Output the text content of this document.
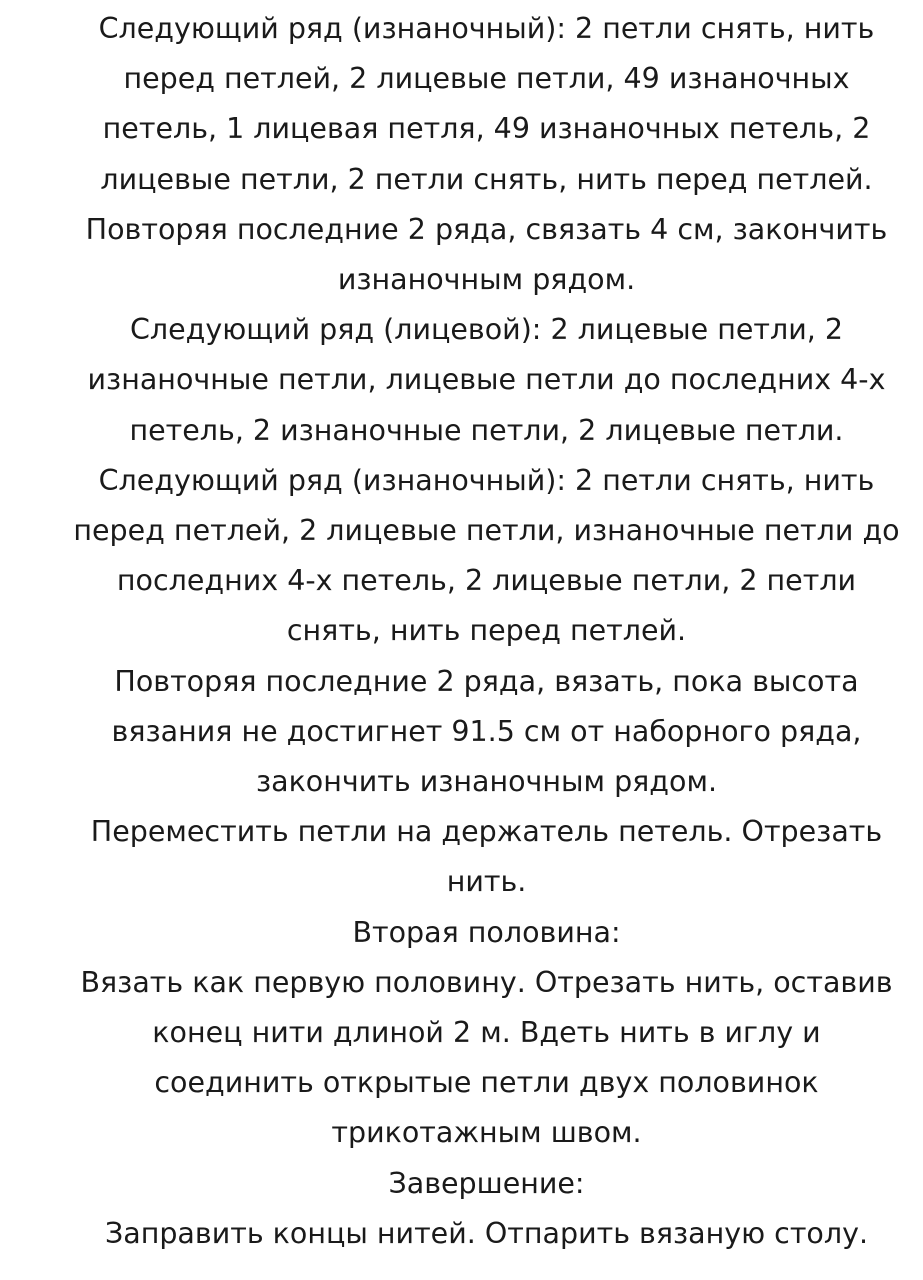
Следующий ряд (изнаночный): 2 петли снять, нить
перед петлей, 2 лицевые петли, 49 изнаночных
петель, 1 лицевая петля, 49 изнаночных петель, 2
лицевые петли, 2 петли снять, нить перед петлей.

Повторяя последние 2 ряда, связать 4 см, закончить
изнаночным рядом.

Следующий ряд (лицевой): 2 лицевые петли, 2
изнаночные петли, лицевые петли до последних 4-х
петель, 2 изнаночные петли, 2 лицевые петли.

Следующий ряд (изнаночный): 2 петли снять, нить
перед петлей, 2 лицевые петли, изнаночные петли до
последних 4-х петель, 2 лицевые петли, 2 петли
снять, нить перед петлей.

Повторяя последние 2 ряда, вязать, пока высота
вязания не достигнет 91.5 см от наборного ряда,
закончить изнаночным рядом.

Переместить петли на держатель петель. Отрезать
нить.

Вторая половина:

Вязать как первую половину. Отрезать нить, оставив
конец нити длиной 2 м. Вдеть нить в иглу и
соединить открытые петли двух половинок
трикотажным швом.

Завершение:

Заправить концы нитей. Отпарить вязаную столу.
